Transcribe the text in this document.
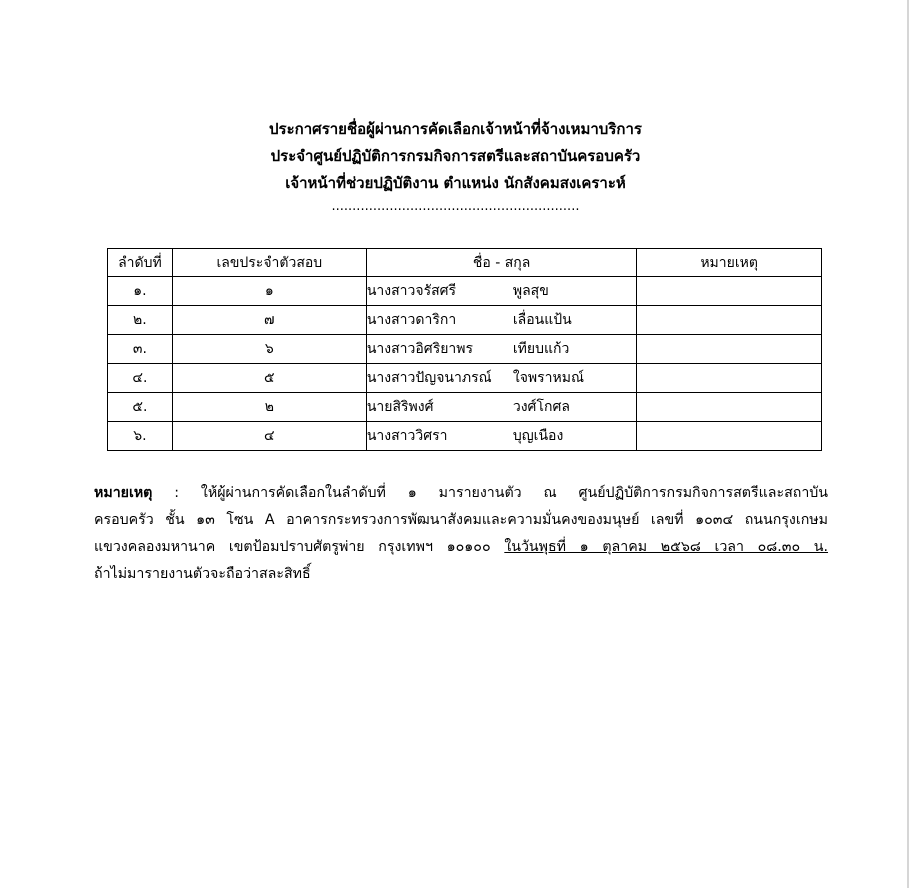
ประกาศรายชื่อผู้ผ่านการคัดเลือกเจ้าหน้าที่จ้างเหมาบริการ
ประจำศูนย์ปฏิบัติการกรมกิจการสตรีและสถาบันครอบครัว
เจ้าหน้าที่ช่วยปฏิบัติงาน ตำแหน่ง นักสังคมสงเคราะห์
............................................................
ลำดับที่	เลขประจำตัวสอบ	ชื่อ - สกุล	หมายเหตุ
๑.	๑	นางสาวจรัสศรี พูลสุข	
๒.	๗	นางสาวดาริกา เลื่อนแป้น	
๓.	๖	นางสาวอิศริยาพร เทียบแก้ว	
๔.	๕	นางสาวปัญจนาภรณ์ ใจพราหมณ์	
๕.	๒	นายสิริพงศ์ วงศ์โกศล	
๖.	๔	นางสาววิศรา บุญเนือง	
หมายเหตุ : ให้ผู้ผ่านการคัดเลือกในลำดับที่ ๑ มารายงานตัว ณ ศูนย์ปฏิบัติการกรมกิจการสตรีและสถาบัน
ครอบครัว ชั้น ๑๓ โซน A อาคารกระทรวงการพัฒนาสังคมและความมั่นคงของมนุษย์ เลขที่ ๑๐๓๔ ถนนกรุงเกษม
แขวงคลองมหานาค เขตป้อมปราบศัตรูพ่าย กรุงเทพฯ ๑๐๑๐๐ ในวันพุธที่ ๑ ตุลาคม ๒๕๖๘ เวลา ๐๘.๓๐ น.
ถ้าไม่มารายงานตัวจะถือว่าสละสิทธิ์
